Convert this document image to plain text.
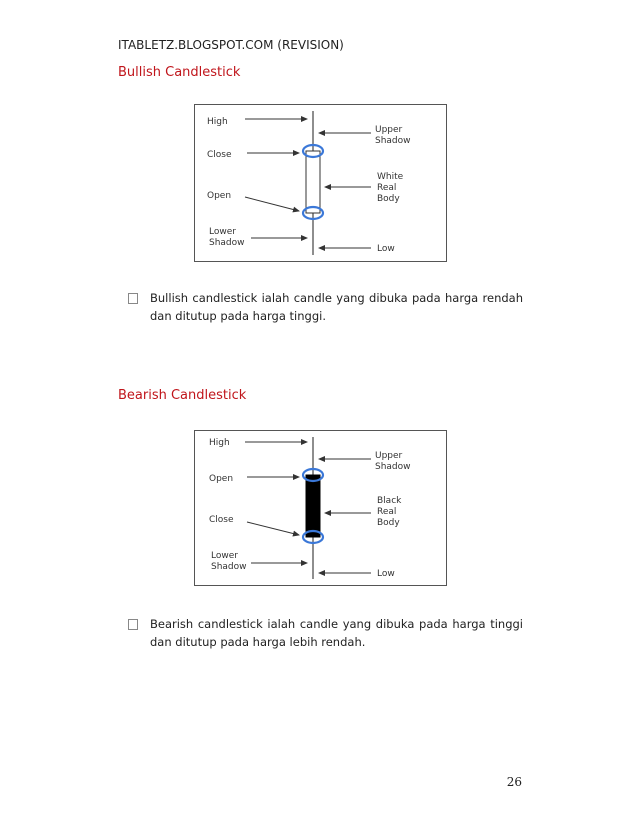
ITABLETZ.BLOGSPOT.COM (REVISION)
Bullish Candlestick
High
Close
Open
Lower
Shadow
Upper
Shadow
White
Real
Body
Low
Bullish candlestick ialah candle yang dibuka pada harga rendah dan ditutup pada harga tinggi.
Bearish Candlestick
High
Open
Close
Lower
Shadow
Upper
Shadow
Black
Real
Body
Low
Bearish candlestick ialah candle yang dibuka pada harga tinggi dan ditutup pada harga lebih rendah.
26
